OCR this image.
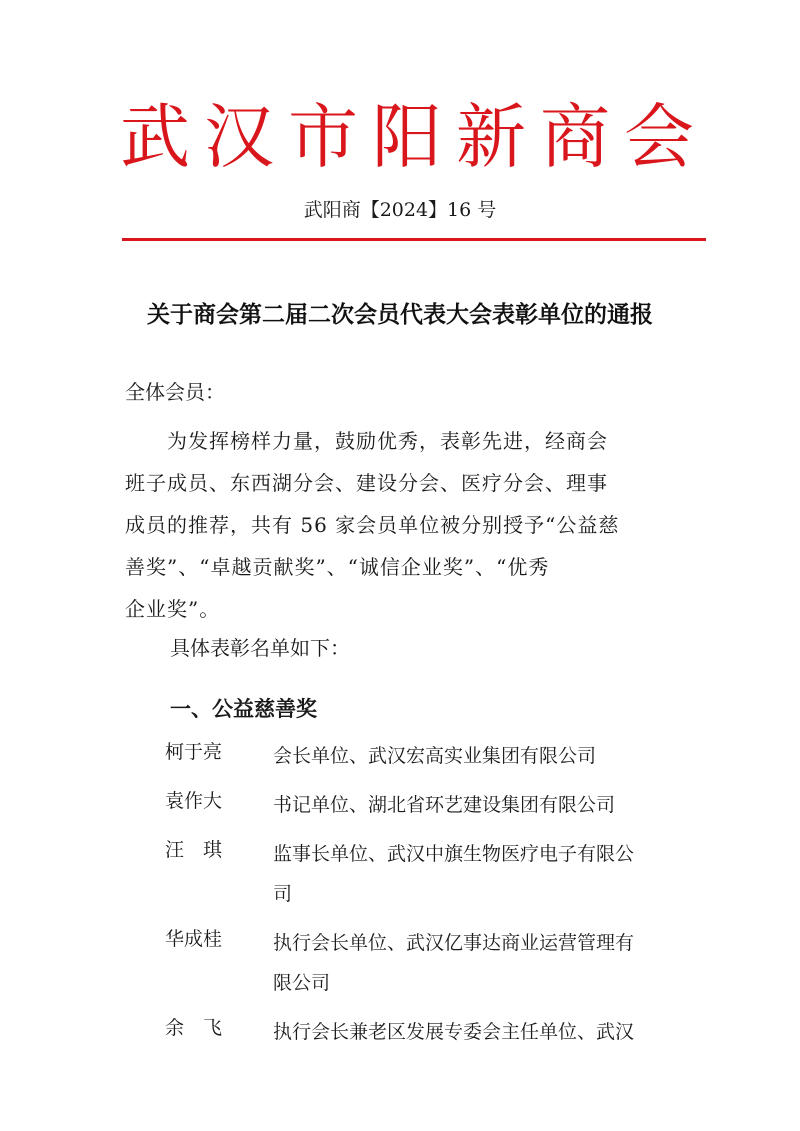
武汉市阳新商会
武阳商【2024】16 号
关于商会第二届二次会员代表大会表彰单位的通报
全体会员：
　　为发挥榜样力量，鼓励优秀，表彰先进，经商会
班子成员、东西湖分会、建设分会、医疗分会、理事
成员的推荐，共有 56 家会员单位被分别授予“公益慈
善奖”、“卓越贡献奖”、“诚信企业奖”、“优秀
企业奖”。
具体表彰名单如下：
一、公益慈善奖
柯于亮	会长单位、武汉宏高实业集团有限公司
袁作大	书记单位、湖北省环艺建设集团有限公司
汪　琪	监事长单位、武汉中旗生物医疗电子有限公
司
华成桂	执行会长单位、武汉亿事达商业运营管理有
限公司
余　飞	执行会长兼老区发展专委会主任单位、武汉
